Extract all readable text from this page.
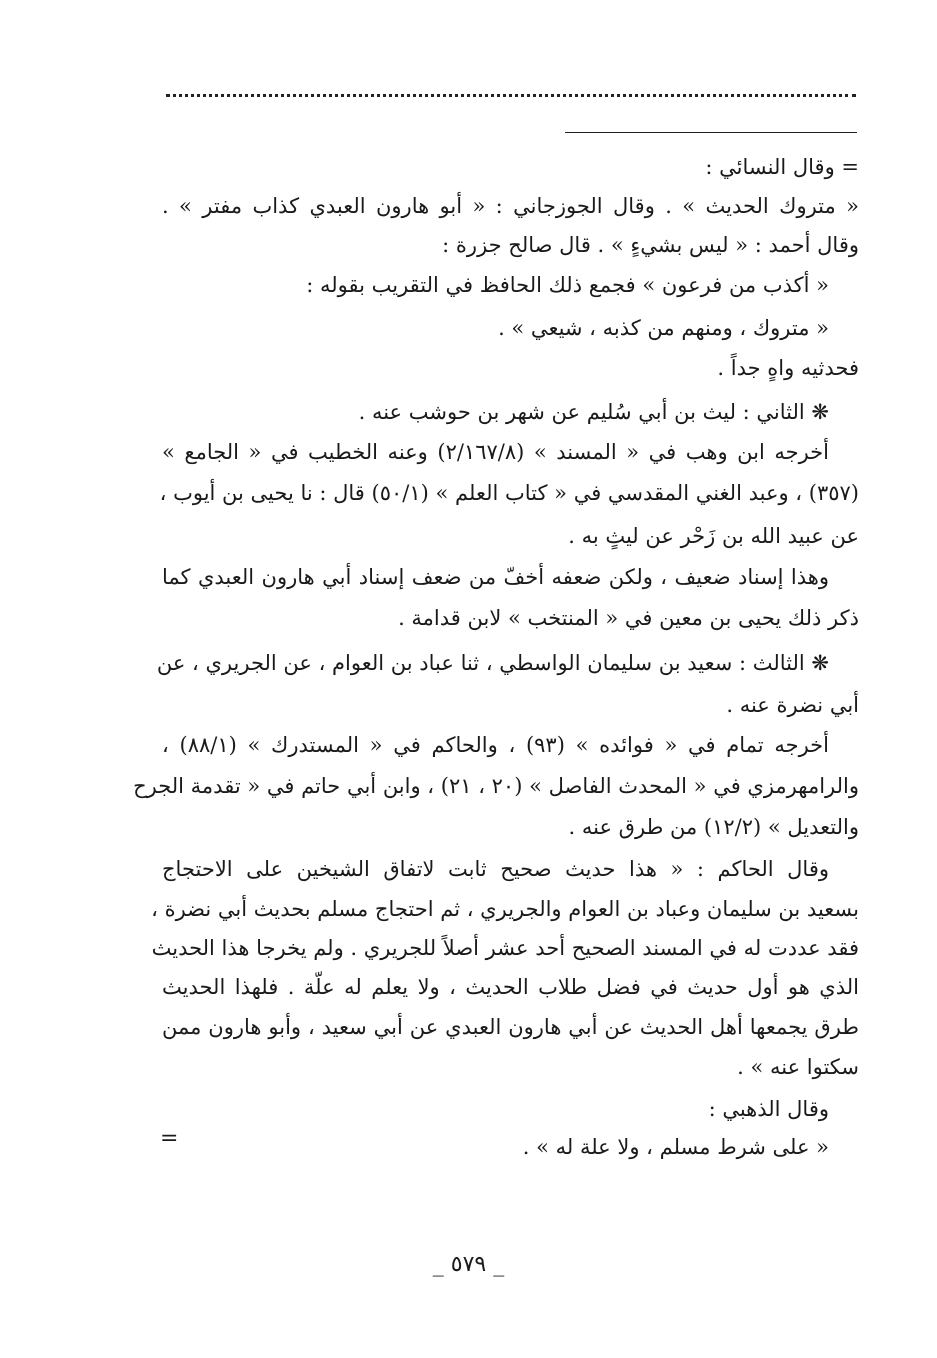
= وقال النسائي :
« متروك الحديث » . وقال الجوزجاني : « أبو هارون العبدي كذاب مفتر » .
وقال أحمد : « ليس بشيءٍ » . قال صالح جزرة :
« أكذب من فرعون » فجمع ذلك الحافظ في التقريب بقوله :
« متروك ، ومنهم من كذبه ، شيعي » .
فحدثيه واهٍ جداً .
❋ الثاني : ليث بن أبي سُليم عن شهر بن حوشب عنه .
أخرجه ابن وهب في « المسند » (٢/١٦٧/٨) وعنه الخطيب في « الجامع »
(٣٥٧) ، وعبد الغني المقدسي في « كتاب العلم » (٥٠/١) قال : نا يحيى بن أيوب ،
عن عبيد الله بن زَحْر عن ليثٍ به .
وهذا إسناد ضعيف ، ولكن ضعفه أخفّ من ضعف إسناد أبي هارون العبدي كما
ذكر ذلك يحيى بن معين في « المنتخب » لابن قدامة .
❋ الثالث : سعيد بن سليمان الواسطي ، ثنا عباد بن العوام ، عن الجريري ، عن
أبي نضرة عنه .
أخرجه تمام في « فوائده » (٩٣) ، والحاكم في « المستدرك » (٨٨/١) ،
والرامهرمزي في « المحدث الفاصل » (٢٠ ، ٢١) ، وابن أبي حاتم في « تقدمة الجرح
والتعديل » (١٢/٢) من طرق عنه .
وقال الحاكم : « هذا حديث صحيح ثابت لاتفاق الشيخين على الاحتجاج
بسعيد بن سليمان وعباد بن العوام والجريري ، ثم احتجاج مسلم بحديث أبي نضرة ،
فقد عددت له في المسند الصحيح أحد عشر أصلاً للجريري . ولم يخرجا هذا الحديث
الذي هو أول حديث في فضل طلاب الحديث ، ولا يعلم له علّة . فلهذا الحديث
طرق يجمعها أهل الحديث عن أبي هارون العبدي عن أبي سعيد ، وأبو هارون ممن
سكتوا عنه » .
وقال الذهبي :
« على شرط مسلم ، ولا علة له » .
=
_ ٥٧٩ _
